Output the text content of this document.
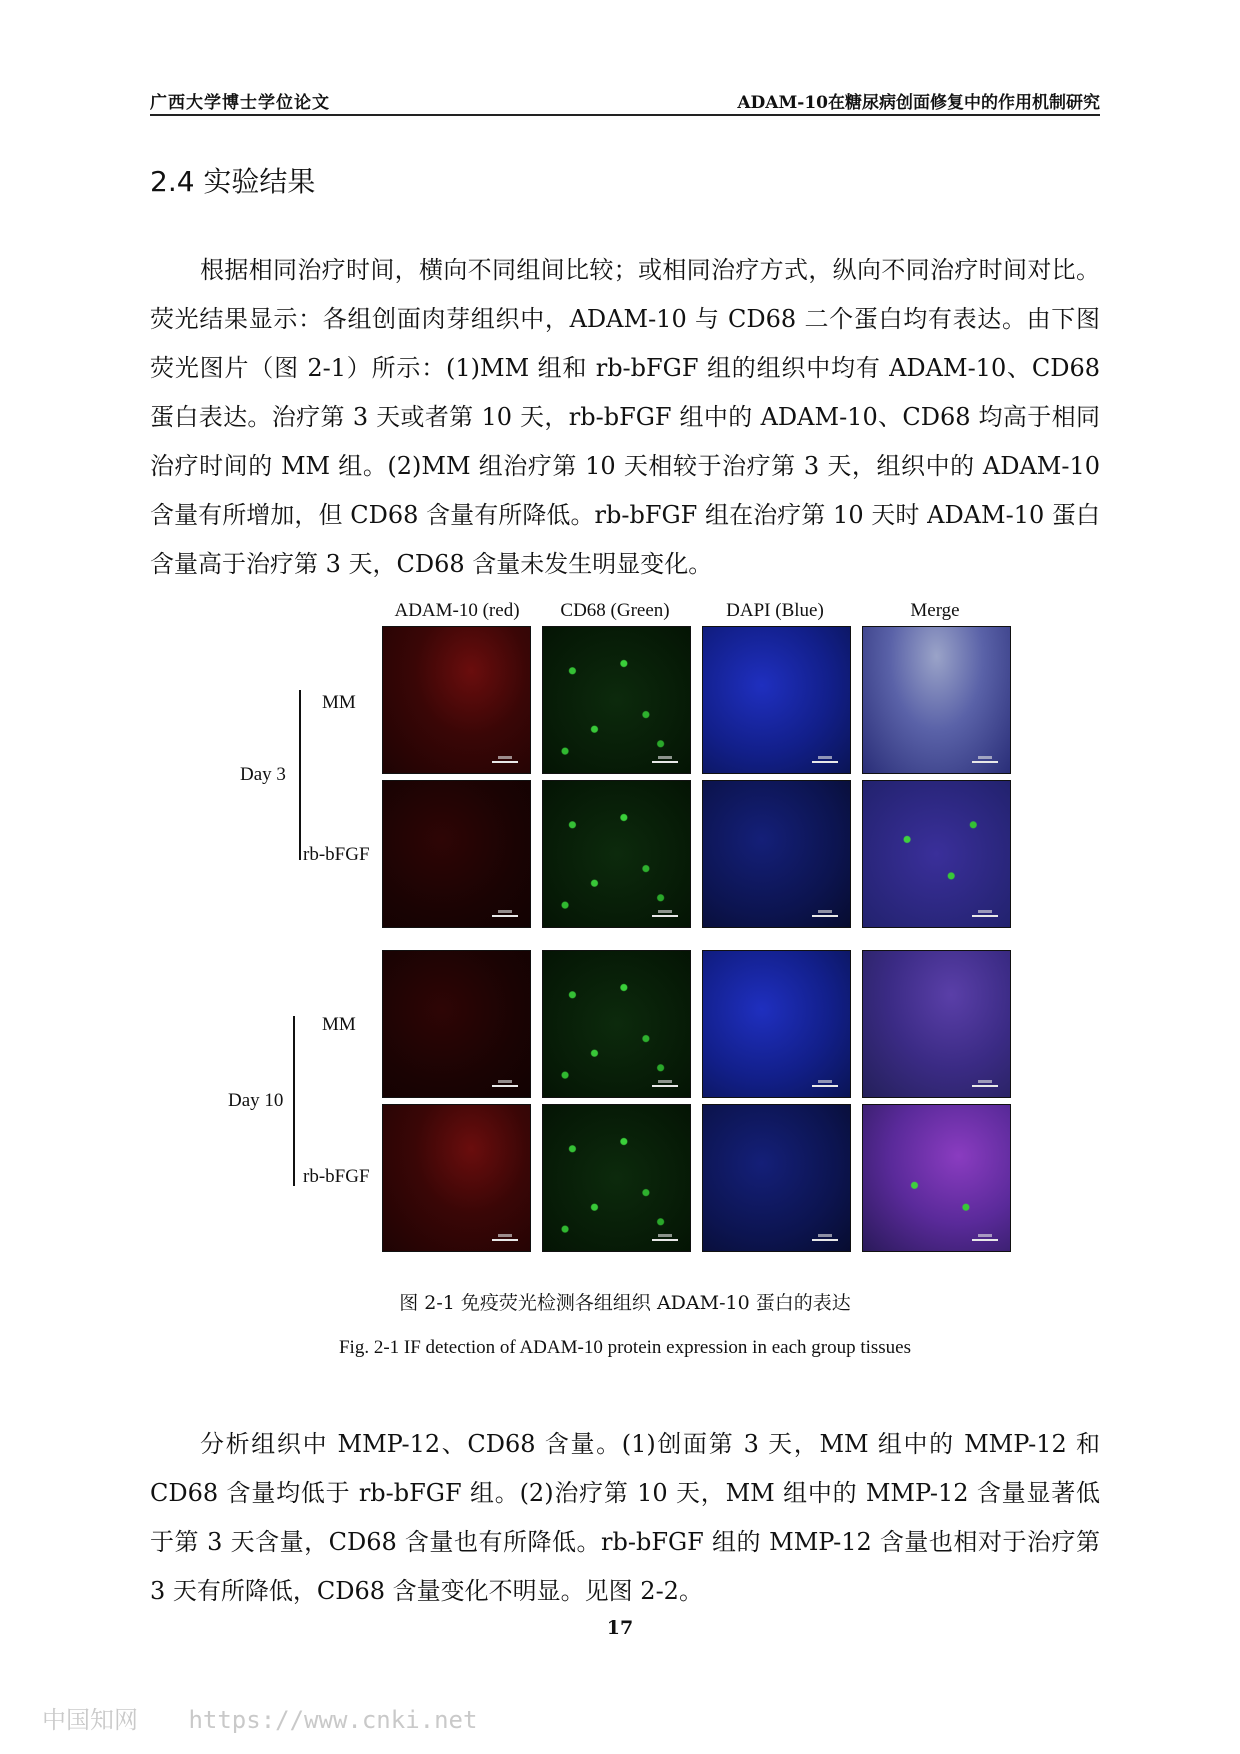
广西大学博士学位论文	ADAM-10在糖尿病创面修复中的作用机制研究
2.4 实验结果

根据相同治疗时间，横向不同组间比较；或相同治疗方式，纵向不同治疗时间对比。荧光结果显示：各组创面肉芽组织中，ADAM-10 与 CD68 二个蛋白均有表达。由下图荧光图片（图 2-1）所示：(1)MM 组和 rb-bFGF 组的组织中均有 ADAM-10、CD68 蛋白表达。治疗第 3 天或者第 10 天，rb-bFGF 组中的 ADAM-10、CD68 均高于相同治疗时间的 MM 组。(2)MM 组治疗第 10 天相较于治疗第 3 天，组织中的 ADAM-10 含量有所增加，但 CD68 含量有所降低。rb-bFGF 组在治疗第 10 天时 ADAM-10 蛋白含量高于治疗第 3 天，CD68 含量未发生明显变化。

ADAM-10 (red)	CD68 (Green)	DAPI (Blue)	Merge
MM
Day 3
rb-bFGF
MM
Day 10
rb-bFGF
图 2-1 免疫荧光检测各组组织 ADAM-10 蛋白的表达
Fig. 2-1 IF detection of ADAM-10 protein expression in each group tissues

分析组织中 MMP-12、CD68 含量。(1)创面第 3 天，MM 组中的 MMP-12 和 CD68 含量均低于 rb-bFGF 组。(2)治疗第 10 天，MM 组中的 MMP-12 含量显著低于第 3 天含量，CD68 含量也有所降低。rb-bFGF 组的 MMP-12 含量也相对于治疗第 3 天有所降低，CD68 含量变化不明显。见图 2-2。

17
中国知网 https://www.cnki.net
